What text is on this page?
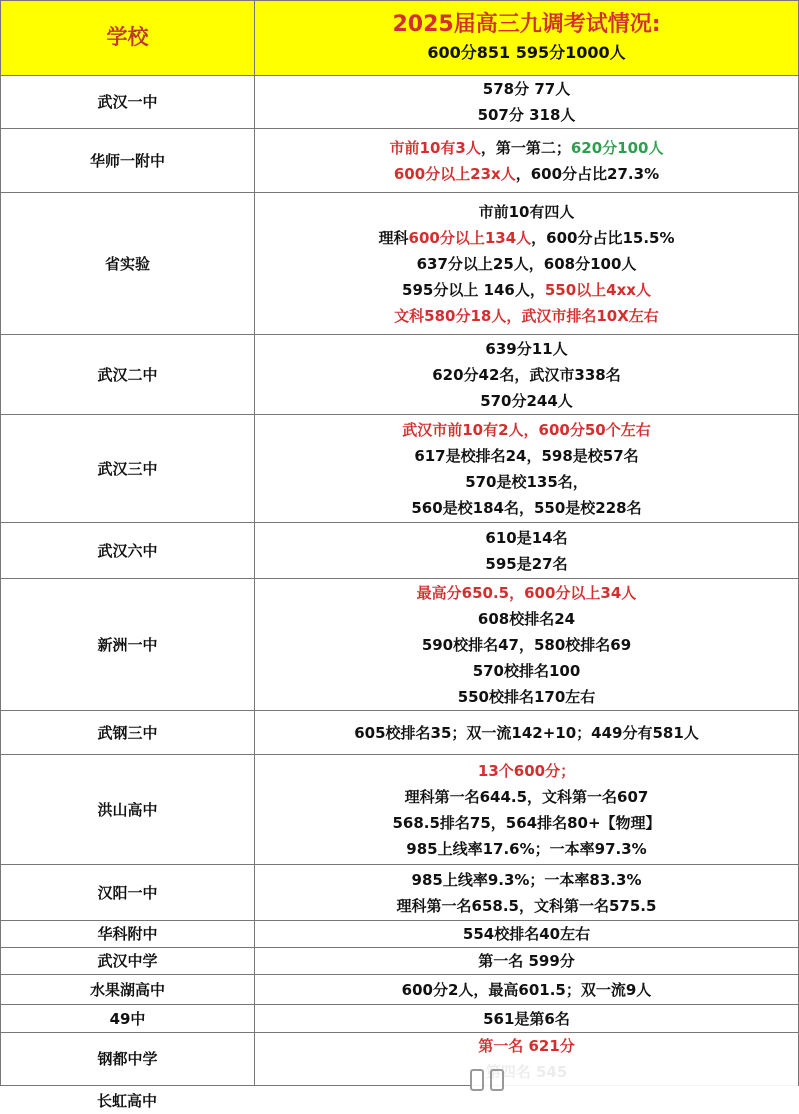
学校	2025届高三九调考试情况:
600分851 595分1000人

武汉一中	578分 77人
507分 318人

华师一附中	市前10有3人，第一第二；620分100人
600分以上23x人，600分占比27.3%

省实验	市前10有四人
理科600分以上134人，600分占比15.5%
637分以上25人，608分100人
595分以上 146人，550以上4xx人
文科580分18人，武汉市排名10X左右

武汉二中	639分11人
620分42名，武汉市338名
570分244人

武汉三中	武汉市前10有2人，600分50个左右
617是校排名24，598是校57名
570是校135名，
560是校184名，550是校228名

武汉六中	610是14名
595是27名

新洲一中	最高分650.5，600分以上34人
608校排名24
590校排名47，580校排名69
570校排名100
550校排名170左右

武钢三中	605校排名35；双一流142+10；449分有581人

洪山高中	13个600分；
理科第一名644.5，文科第一名607
568.5排名75，564排名80+【物理】
985上线率17.6%；一本率97.3%

汉阳一中	985上线率9.3%；一本率83.3%
理科第一名658.5，文科第一名575.5

华科附中	554校排名40左右

武汉中学	第一名 599分

水果湖高中	600分2人，最高601.5；双一流9人

49中	561是第6名

钢都中学	第一名 621分
长虹高中
